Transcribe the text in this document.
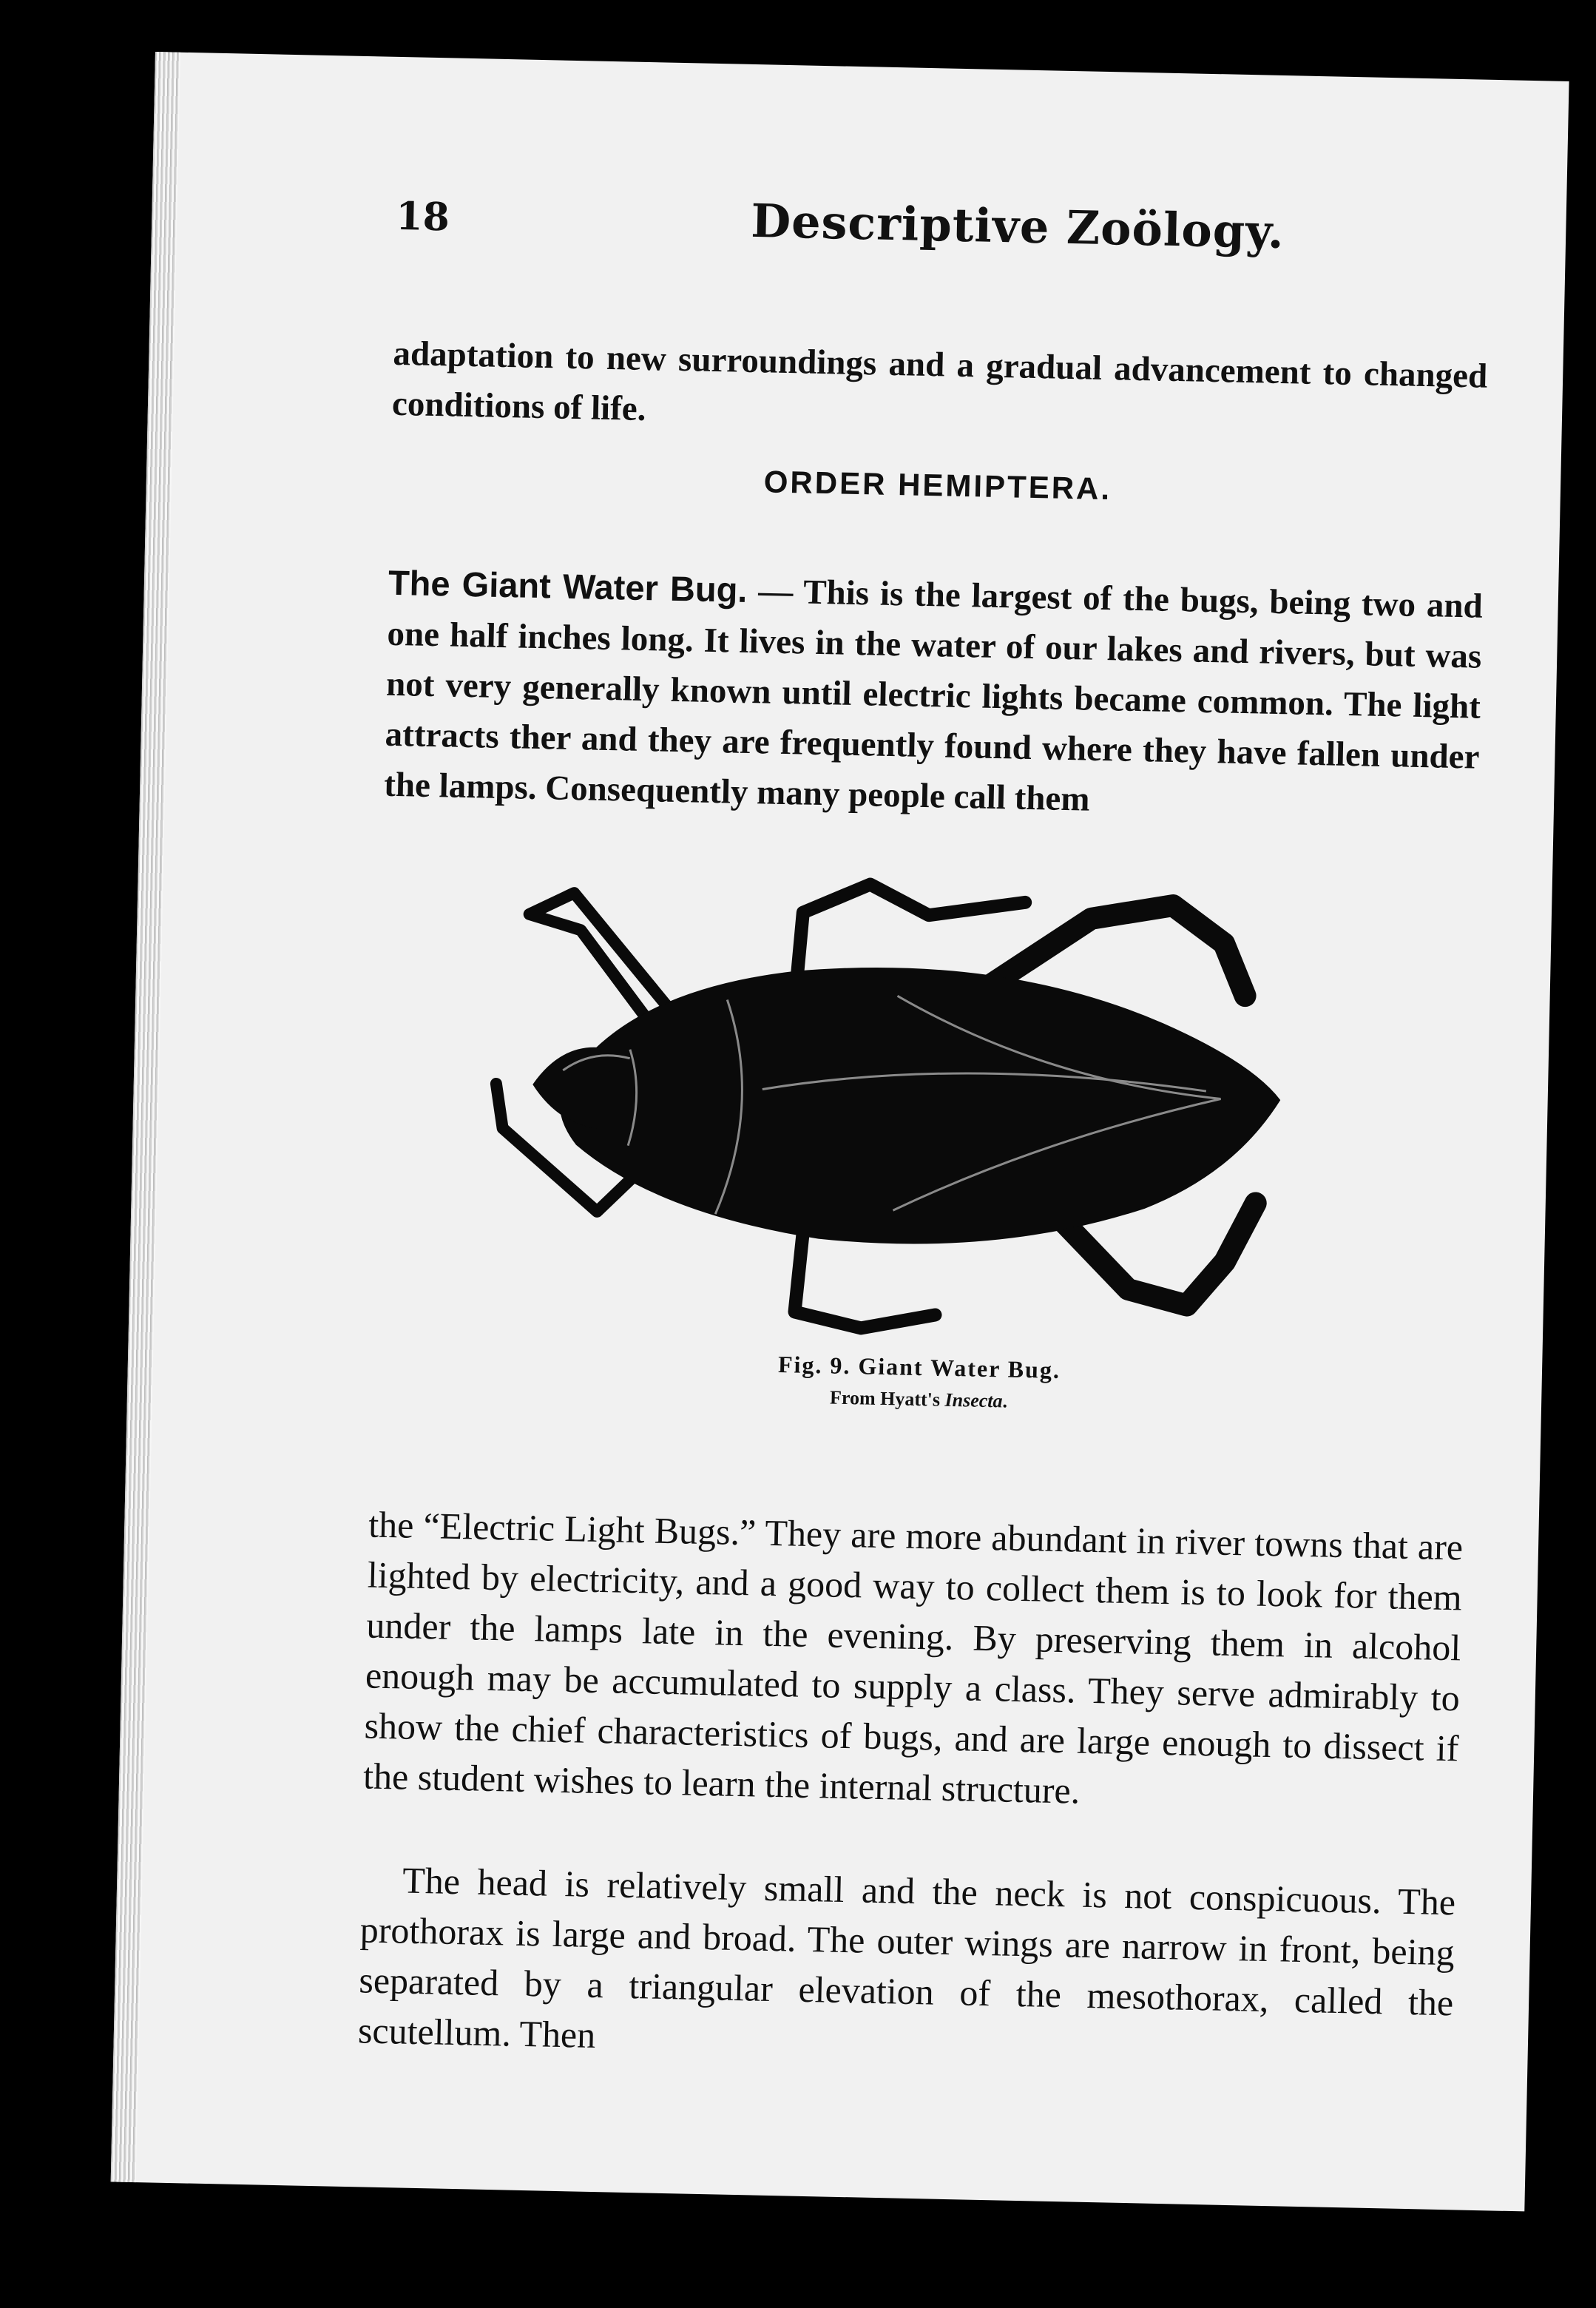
18	Descriptive Zoölogy.

adaptation to new surroundings and a gradual advancement to changed conditions of life.

ORDER HEMIPTERA.

The Giant Water Bug. — This is the largest of the bugs, being two and one half inches long. It lives in the water of our lakes and rivers, but was not very generally known until electric lights became common. The light attracts ther and they are frequently found where they have fallen under the lamps. Consequently many people call them

Fig. 9. Giant Water Bug.
From Hyatt's Insecta.

the “Electric Light Bugs.” They are more abundant in river towns that are lighted by electricity, and a good way to collect them is to look for them under the lamps late in the evening. By preserving them in alcohol enough may be accumulated to supply a class. They serve admirably to show the chief characteristics of bugs, and are large enough to dissect if the student wishes to learn the internal structure.

The head is relatively small and the neck is not conspicuous. The prothorax is large and broad. The outer wings are narrow in front, being separated by a triangular elevation of the mesothorax, called the scutellum. Then
